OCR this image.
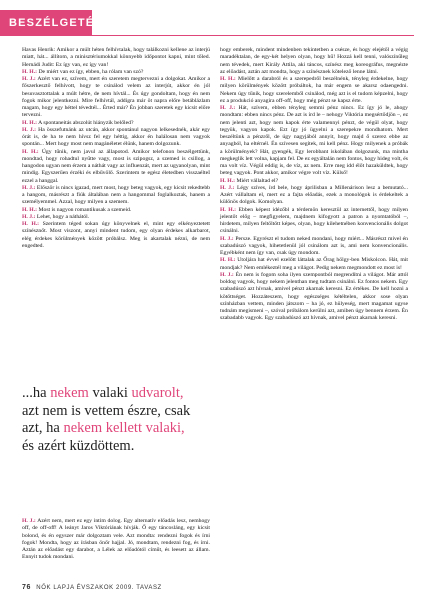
BESZÉLGETÉS

Havas Henrik: Amikor a múlt héten felhívtalak, hogy találkozni kellene az interjú miatt, hát... állítom, a minisztériumokkal könnyebb időpontot kapni, mint tőled. Hernádi Judit: Ez így van, ez így van!

H. H.: De miért van ez így, ebben, ha rólam van szó?

H. J.: Azért van ez, szívem, mert én szeretem megtervezni a dolgokat. Amikor a főszerkesztő felhívott, hogy te csinálod velem az interjút, akkor én jól besuvasztottalak a múlt hétre, de nem hívtál... És úgy gondoltam, hogy én nem fogok mikor jelentkezni. Mire felhívtál, addigra már öt napra előre betáblázlam magam, hogy egy héttel tévedtél... Érted már? Én jobban szeretek egy kicsit előre tervezni.

H. H.: A spontaneitás abszolút hiányzik belőled?

H. J.: Ha összefutnánk az utcán, akkor spontánul nagyon lelkesednék, akár egy órát is, de ha te nem hívsz fel egy héttig, akkor én halálosan nem vagyok spontán... Mert hogy most nem magánéletet élünk, hanem dolgozunk.

H. H.: Úgy tűnik, nem javul az állapotod. Amikor telefonon beszélgettünk, mondtad, hogy rohadtul nyűtte vagy, most is szipogsz, a szemed is csillog, a hangodon ugyan nem érzem a náthát vagy az influenzát, mert az ugyanolyan, mint mindig. Egyszerűen érzéki és elbűvölő. Szerintem te egész életedben visszaélteI ezzel a hanggal.

H. J.: Először is nincs igazad, mert most, hogy beteg vagyok, egy kicsit rekedtebb a hangom, másrészt a fiúk általában nem a hangommal foglalkoztak, hanem a személyemmel. Azzal, hogy milyen a szemem.

H. H.: Most is nagyon romantikusak a szemeid.

H. J.: Lehet, hogy a náthától.

H. H.: Szerintem téged sokan úgy könyvelnek el, mint egy elkényeztetett színésznőt. Most viszont, annyi mindent tudom, egy olyan érdekes alkarbarot, elég érdekes körülmények között próbálsz. Meg is akartalak nézni, de nem engedted.

...ha nekem valaki udvarolt,
azt nem is vettem észre, csak
azt, ha nekem kellett valaki,
és azért küzdöttem.

H. J.: Azért nem, mert ez egy intim dolog. Egy alternatív előadás lesz, nemhogy off, de off-off! A leányt Jaros Viktóriának hívják. Ő egy táncosláng, egy kicsit bolond, és én egyszer már dolgoztam vele. Azt mondta: rendezni fogok és írni fogok! Mondta, hogy az írásban önőr hajjal. Jó, mondtam, rendezni fog, és írni. Aztán az előadást egy darabot, a Lélek az előadótól címűt, és leesett az állam. Ennyit tudok mondani.

hogy emberek, mindent mindenben tekintetben a csésze, és hogy elejétől a végig maradéktalan, de egy-két helyen olyan, hogy hű! Hozzá kell tenni, valószínűleg nem tévedek, mert Király Attila, aki táncos, színész meg koreográfus, megnézte az előadást, aztán azt mondta, hogy a színésznek kötelező lenne látni.

H. H.: Mielőtt a darabról és a szerepedről beszélnénk, tényleg érdekelne, hogy milyen körülmények között próbáltok, ha már engem se akarsz odaengedni. Nekem úgy tűnik, hogy szerelemből csinálod, még azt is el tudom képzelni, hogy ez a produkció anyagira off-off, hogy még pénzt se kapsz érte.

H. J.: Hát, szívem, ebben tényleg semmi pénz nincs. Ez így jó le, ahogy mondtam: ebben nincs pénz. De azt is írd le – nehogy Viktória megsértődjön –, ez nem jelenti azt, hogy nem kapok érte valamennyi pénzt, de végül olyat, hogy tegyük, vagyon kapok. Ezt így jó ügyelni a szerepekre mondhatom. Mert beszéltünk a pénzről, de úgy nagyjából annyit, hogy majd ő szerez ebbe az anyagból, ha eltérnél. Én szívesen segítek, mi kell pénz. Hogy milyenek a próbák a körülmények? Hát, gyengék, Egy lerobbant iskolában dolgozunk, ma mintha megkeglik lett volna, kapjam fel. De ez egyáltalán nem fontos, hogy hideg volt, és ma volt víz. Végül eddig is, de víz, az nem. Erre meg idd élőt hazaküldtek, hogy beteg vagyok. Pont akkor, amikor végre volt víz. Külső!

H. H.: Miért vállaltad el?

H. J.: Légy szíves, írd bele, hogy áprilisban a Millenárison lesz a bemutató... Azért vállaltam el, mert ez a fajta előadás, ezek a monológok is érdekeltek a különös dolgok. Komolyan.

H. H.: Ebben képest idézőbl a térdemön keresztül az internettől, hogy milyen jelentőt előg – megfigyelem, majdnem kifogyott a patron a nyomtatóból –, hirdetem, milyen feltöltött képes, olyan, hogy kilehetnében konvencionális dolgot csinálni.

H. J.: Persze. Egyrészt el tudom neked mondani, hogy miért... Másrészt mivel én szabadúszó vagyok, hihetetlenül jól csinálom azt is, ami nem konvencionális. Egyébként nem így van, csak úgy mondom.

H. H.: Utoljára hat évvel ezelőtt láttalak az Őrag hölgy-ben Miskolcon. Hát, mit mondjak? Nem emlékeztél meg a világot. Pedig nekem megmondott ez most is!

H. J.: Én nem is fogom soha ilyen szempontból megrendítni a világot. Már attól boldog vagyok, hogy nekem jelenthan meg tudtam csinálni. Ez fontos nekem. Egy szabadúszó azt hívnak, amivel pénzt akarnak keresni. Ez értékes. De kell hozni a kötöttséget. Hozzáteszem, hogy egészséges kétéltelen, akkor sose olyan színházban vettem, minden játszom – ha jó, ez hülyeség, mert magamat ugyse tudnám megismeni –, szóval próbálom kerülni azt, amiben úgy bennem érzem. Én szabadabb vagyok. Egy szabadúszó azt hívnak, amivel pénzt akarnak keresni.

76 NŐK LAPJA ÉVSZAKOK 2009. TAVASZ
